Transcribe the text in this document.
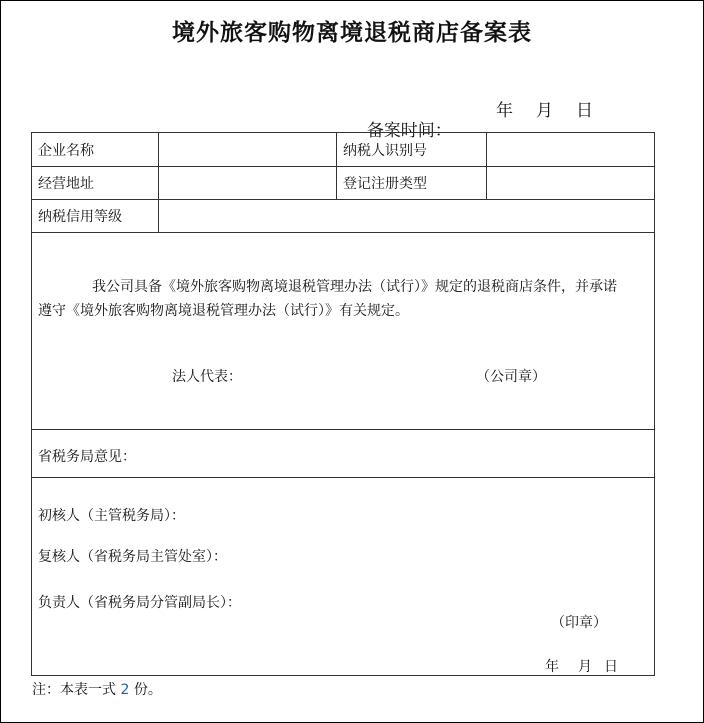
境外旅客购物离境退税商店备案表

备案时间：

年

月

日

企业名称	纳税人识别号
经营地址	登记注册类型
纳税信用等级
我公司具备《境外旅客购物离境退税管理办法（试行）》规定的退税商店条件，并承诺
遵守《境外旅客购物离境退税管理办法（试行）》有关规定。
法人代表：	（公司章）
省税务局意见：
初核人（主管税务局）：
复核人（省税务局主管处室）：
负责人（省税务局分管副局长）：
（印章）
年 月 日
注：本表一式 2 份。
